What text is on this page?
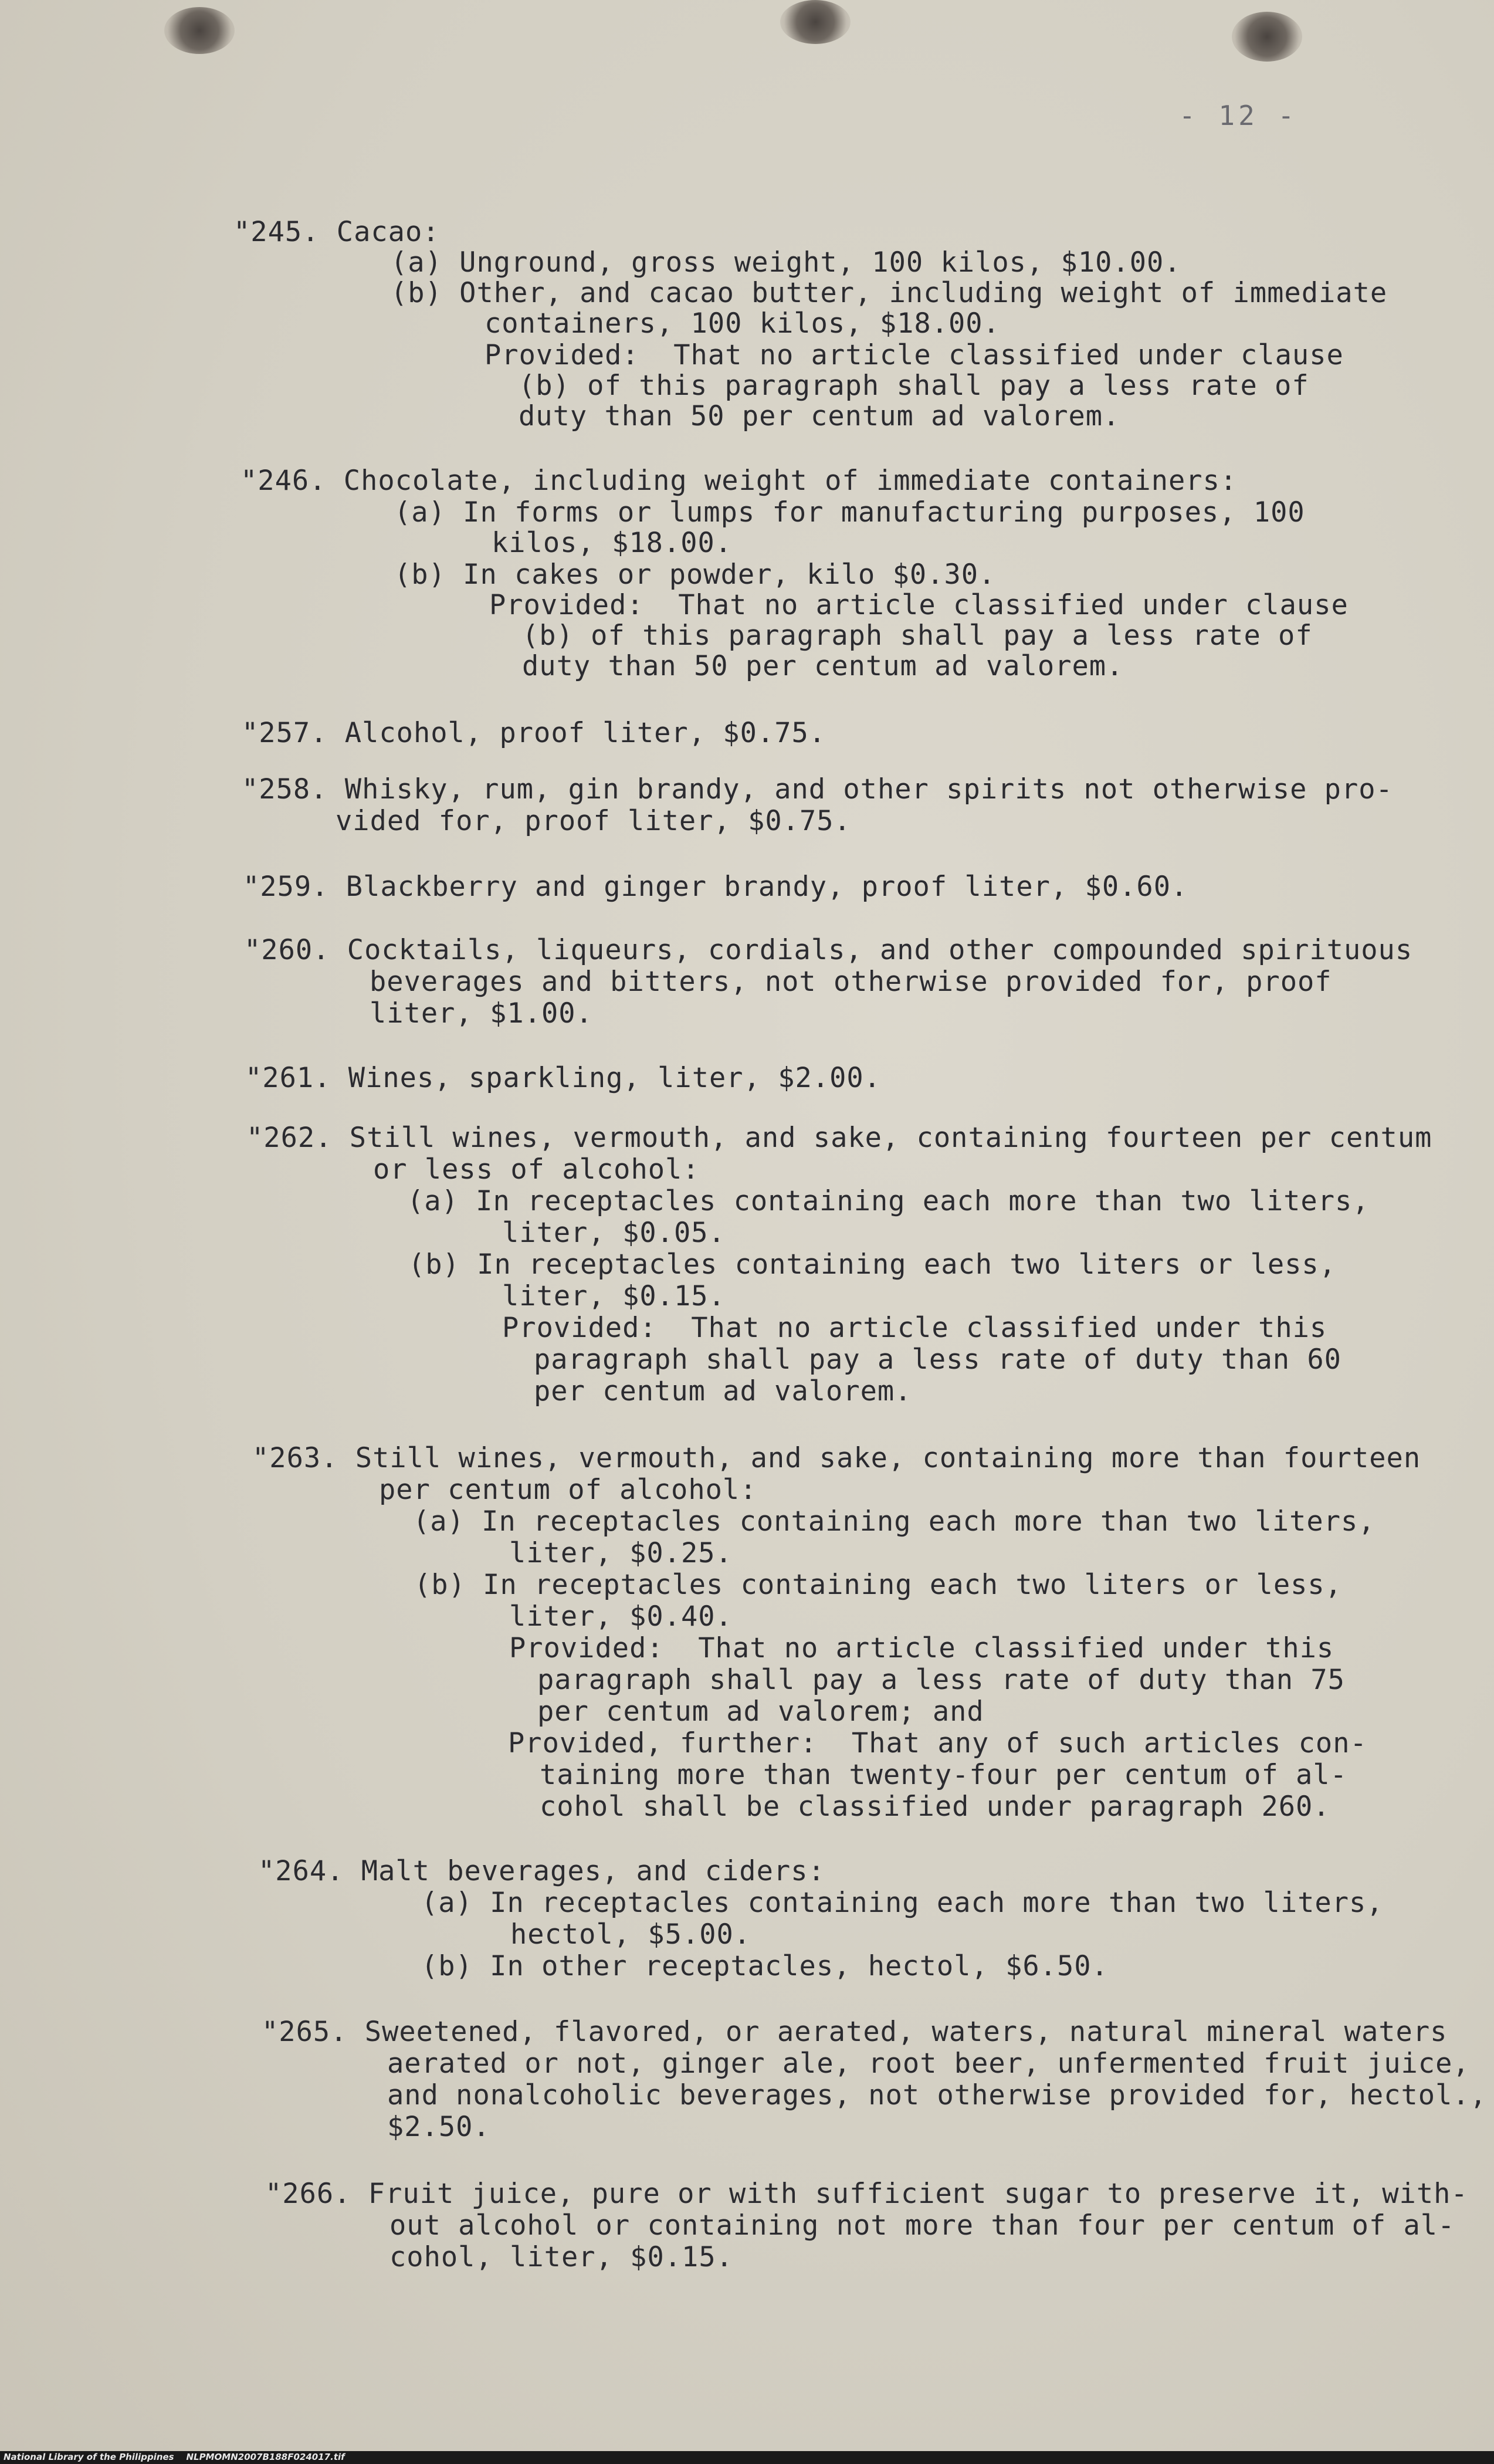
- 12 -
"245. Cacao:
(a) Unground, gross weight, 100 kilos, $10.00.
(b) Other, and cacao butter, including weight of immediate
containers, 100 kilos, $18.00.
Provided:  That no article classified under clause
(b) of this paragraph shall pay a less rate of
duty than 50 per centum ad valorem.
"246. Chocolate, including weight of immediate containers:
(a) In forms or lumps for manufacturing purposes, 100
kilos, $18.00.
(b) In cakes or powder, kilo $0.30.
Provided:  That no article classified under clause
(b) of this paragraph shall pay a less rate of
duty than 50 per centum ad valorem.
"257. Alcohol, proof liter, $0.75.
"258. Whisky, rum, gin brandy, and other spirits not otherwise pro-
vided for, proof liter, $0.75.
"259. Blackberry and ginger brandy, proof liter, $0.60.
"260. Cocktails, liqueurs, cordials, and other compounded spirituous
beverages and bitters, not otherwise provided for, proof
liter, $1.00.
"261. Wines, sparkling, liter, $2.00.
"262. Still wines, vermouth, and sake, containing fourteen per centum
or less of alcohol:
(a) In receptacles containing each more than two liters,
liter, $0.05.
(b) In receptacles containing each two liters or less,
liter, $0.15.
Provided:  That no article classified under this
paragraph shall pay a less rate of duty than 60
per centum ad valorem.
"263. Still wines, vermouth, and sake, containing more than fourteen
per centum of alcohol:
(a) In receptacles containing each more than two liters,
liter, $0.25.
(b) In receptacles containing each two liters or less,
liter, $0.40.
Provided:  That no article classified under this
paragraph shall pay a less rate of duty than 75
per centum ad valorem; and
Provided, further:  That any of such articles con-
taining more than twenty-four per centum of al-
cohol shall be classified under paragraph 260.
"264. Malt beverages, and ciders:
(a) In receptacles containing each more than two liters,
hectol, $5.00.
(b) In other receptacles, hectol, $6.50.
"265. Sweetened, flavored, or aerated, waters, natural mineral waters
aerated or not, ginger ale, root beer, unfermented fruit juice,
and nonalcoholic beverages, not otherwise provided for, hectol.,
$2.50.
"266. Fruit juice, pure or with sufficient sugar to preserve it, with-
out alcohol or containing not more than four per centum of al-
cohol, liter, $0.15.
National Library of the Philippines    NLPMOMN2007B188F024017.tif
